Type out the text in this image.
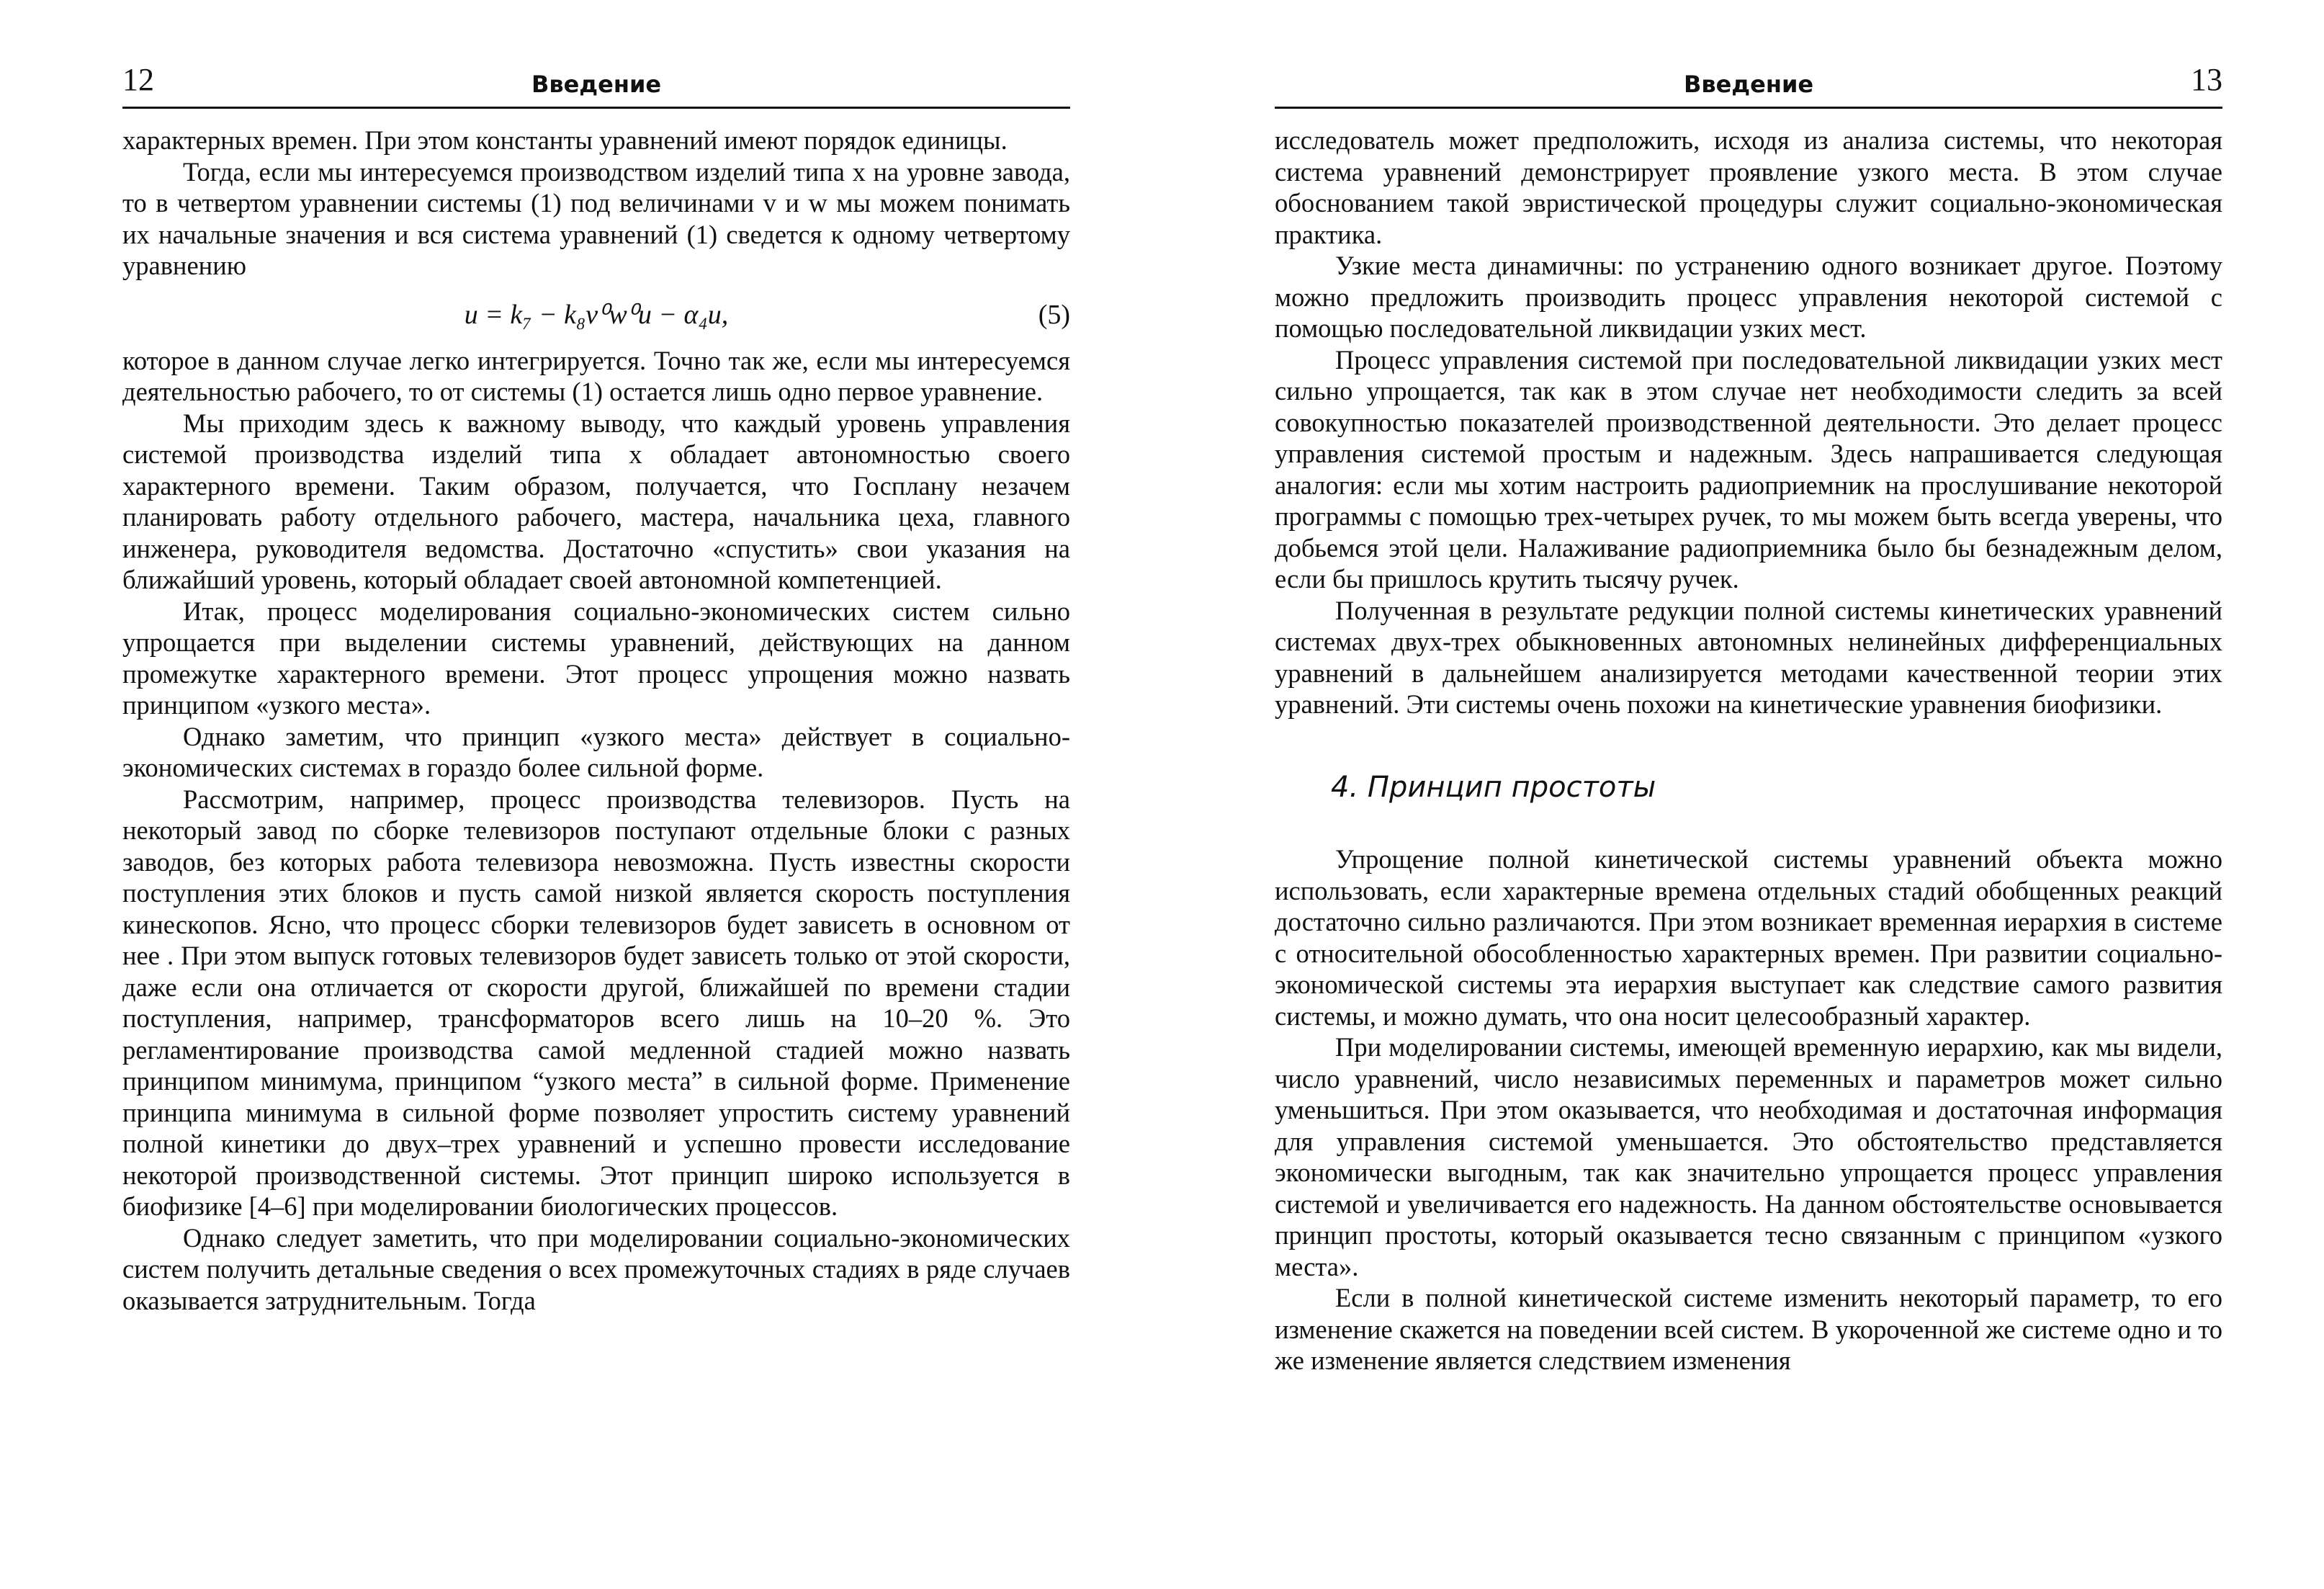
12	Введение

характерных времен. При этом константы уравнений имеют порядок единицы.

Тогда, если мы интересуемся производством изделий типа x на уровне завода, то в четвертом уравнении системы (1) под величинами v и w мы можем понимать их начальные значения и вся система уравнений (1) сведется к одному четвертому уравнению

u = k₇ − k₈v⁰w⁰u − α₄u,	(5)

которое в данном случае легко интегрируется. Точно так же, если мы интересуемся деятельностью рабочего, то от системы (1) остается лишь одно первое уравнение.

Мы приходим здесь к важному выводу, что каждый уровень управления системой производства изделий типа x обладает автономностью своего характерного времени. Таким образом, получается, что Госплану незачем планировать работу отдельного рабочего, мастера, начальника цеха, главного инженера, руководителя ведомства. Достаточно «спустить» свои указания на ближайший уровень, который обладает своей автономной компетенцией.

Итак, процесс моделирования социально-экономических систем сильно упрощается при выделении системы уравнений, действующих на данном промежутке характерного времени. Этот процесс упрощения можно назвать принципом «узкого места».

Однако заметим, что принцип «узкого места» действует в социально-экономических системах в гораздо более сильной форме.

Рассмотрим, например, процесс производства телевизоров. Пусть на некоторый завод по сборке телевизоров поступают отдельные блоки с разных заводов, без которых работа телевизора невозможна. Пусть известны скорости поступления этих блоков и пусть самой низкой является скорость поступления кинескопов. Ясно, что процесс сборки телевизоров будет зависеть в основном от нее . При этом выпуск готовых телевизоров будет зависеть только от этой скорости, даже если она отличается от скорости другой, ближайшей по времени стадии поступления, например, трансформаторов всего лишь на 10–20 %. Это регламентирование производства самой медленной стадией можно назвать принципом минимума, принципом “узкого места” в сильной форме. Применение принципа минимума в сильной форме позволяет упростить систему уравнений полной кинетики до двух–трех уравнений и успешно провести исследование некоторой производственной системы. Этот принцип широко используется в биофизике [4–6] при моделировании биологических процессов.

Однако следует заметить, что при моделировании социально-экономических систем получить детальные сведения о всех промежуточных стадиях в ряде случаев оказывается затруднительным. Тогда

Введение	13

исследователь может предположить, исходя из анализа системы, что некоторая система уравнений демонстрирует проявление узкого места. В этом случае обоснованием такой эвристической процедуры служит социально-экономическая практика.

Узкие места динамичны: по устранению одного возникает другое. Поэтому можно предложить производить процесс управления некоторой системой с помощью последовательной ликвидации узких мест.

Процесс управления системой при последовательной ликвидации узких мест сильно упрощается, так как в этом случае нет необходимости следить за всей совокупностью показателей производственной деятельности. Это делает процесс управления системой простым и надежным. Здесь напрашивается следующая аналогия: если мы хотим настроить радиоприемник на прослушивание некоторой программы с помощью трех-четырех ручек, то мы можем быть всегда уверены, что добьемся этой цели. Налаживание радиоприемника было бы безнадежным делом, если бы пришлось крутить тысячу ручек.

Полученная в результате редукции полной системы кинетических уравнений системах двух-трех обыкновенных автономных нелинейных дифференциальных уравнений в дальнейшем анализируется методами качественной теории этих уравнений. Эти системы очень похожи на кинетические уравнения биофизики.

4. Принцип простоты

Упрощение полной кинетической системы уравнений объекта можно использовать, если характерные времена отдельных стадий обобщенных реакций достаточно сильно различаются. При этом возникает временная иерархия в системе с относительной обособленностью характерных времен. При развитии социально-экономической системы эта иерархия выступает как следствие самого развития системы, и можно думать, что она носит целесообразный характер.

При моделировании системы, имеющей временную иерархию, как мы видели, число уравнений, число независимых переменных и параметров может сильно уменьшиться. При этом оказывается, что необходимая и достаточная информация для управления системой уменьшается. Это обстоятельство представляется экономически выгодным, так как значительно упрощается процесс управления системой и увеличивается его надежность. На данном обстоятельстве основывается принцип простоты, который оказывается тесно связанным с принципом «узкого места».

Если в полной кинетической системе изменить некоторый параметр, то его изменение скажется на поведении всей систем. В укороченной же системе одно и то же изменение является следствием изменения
